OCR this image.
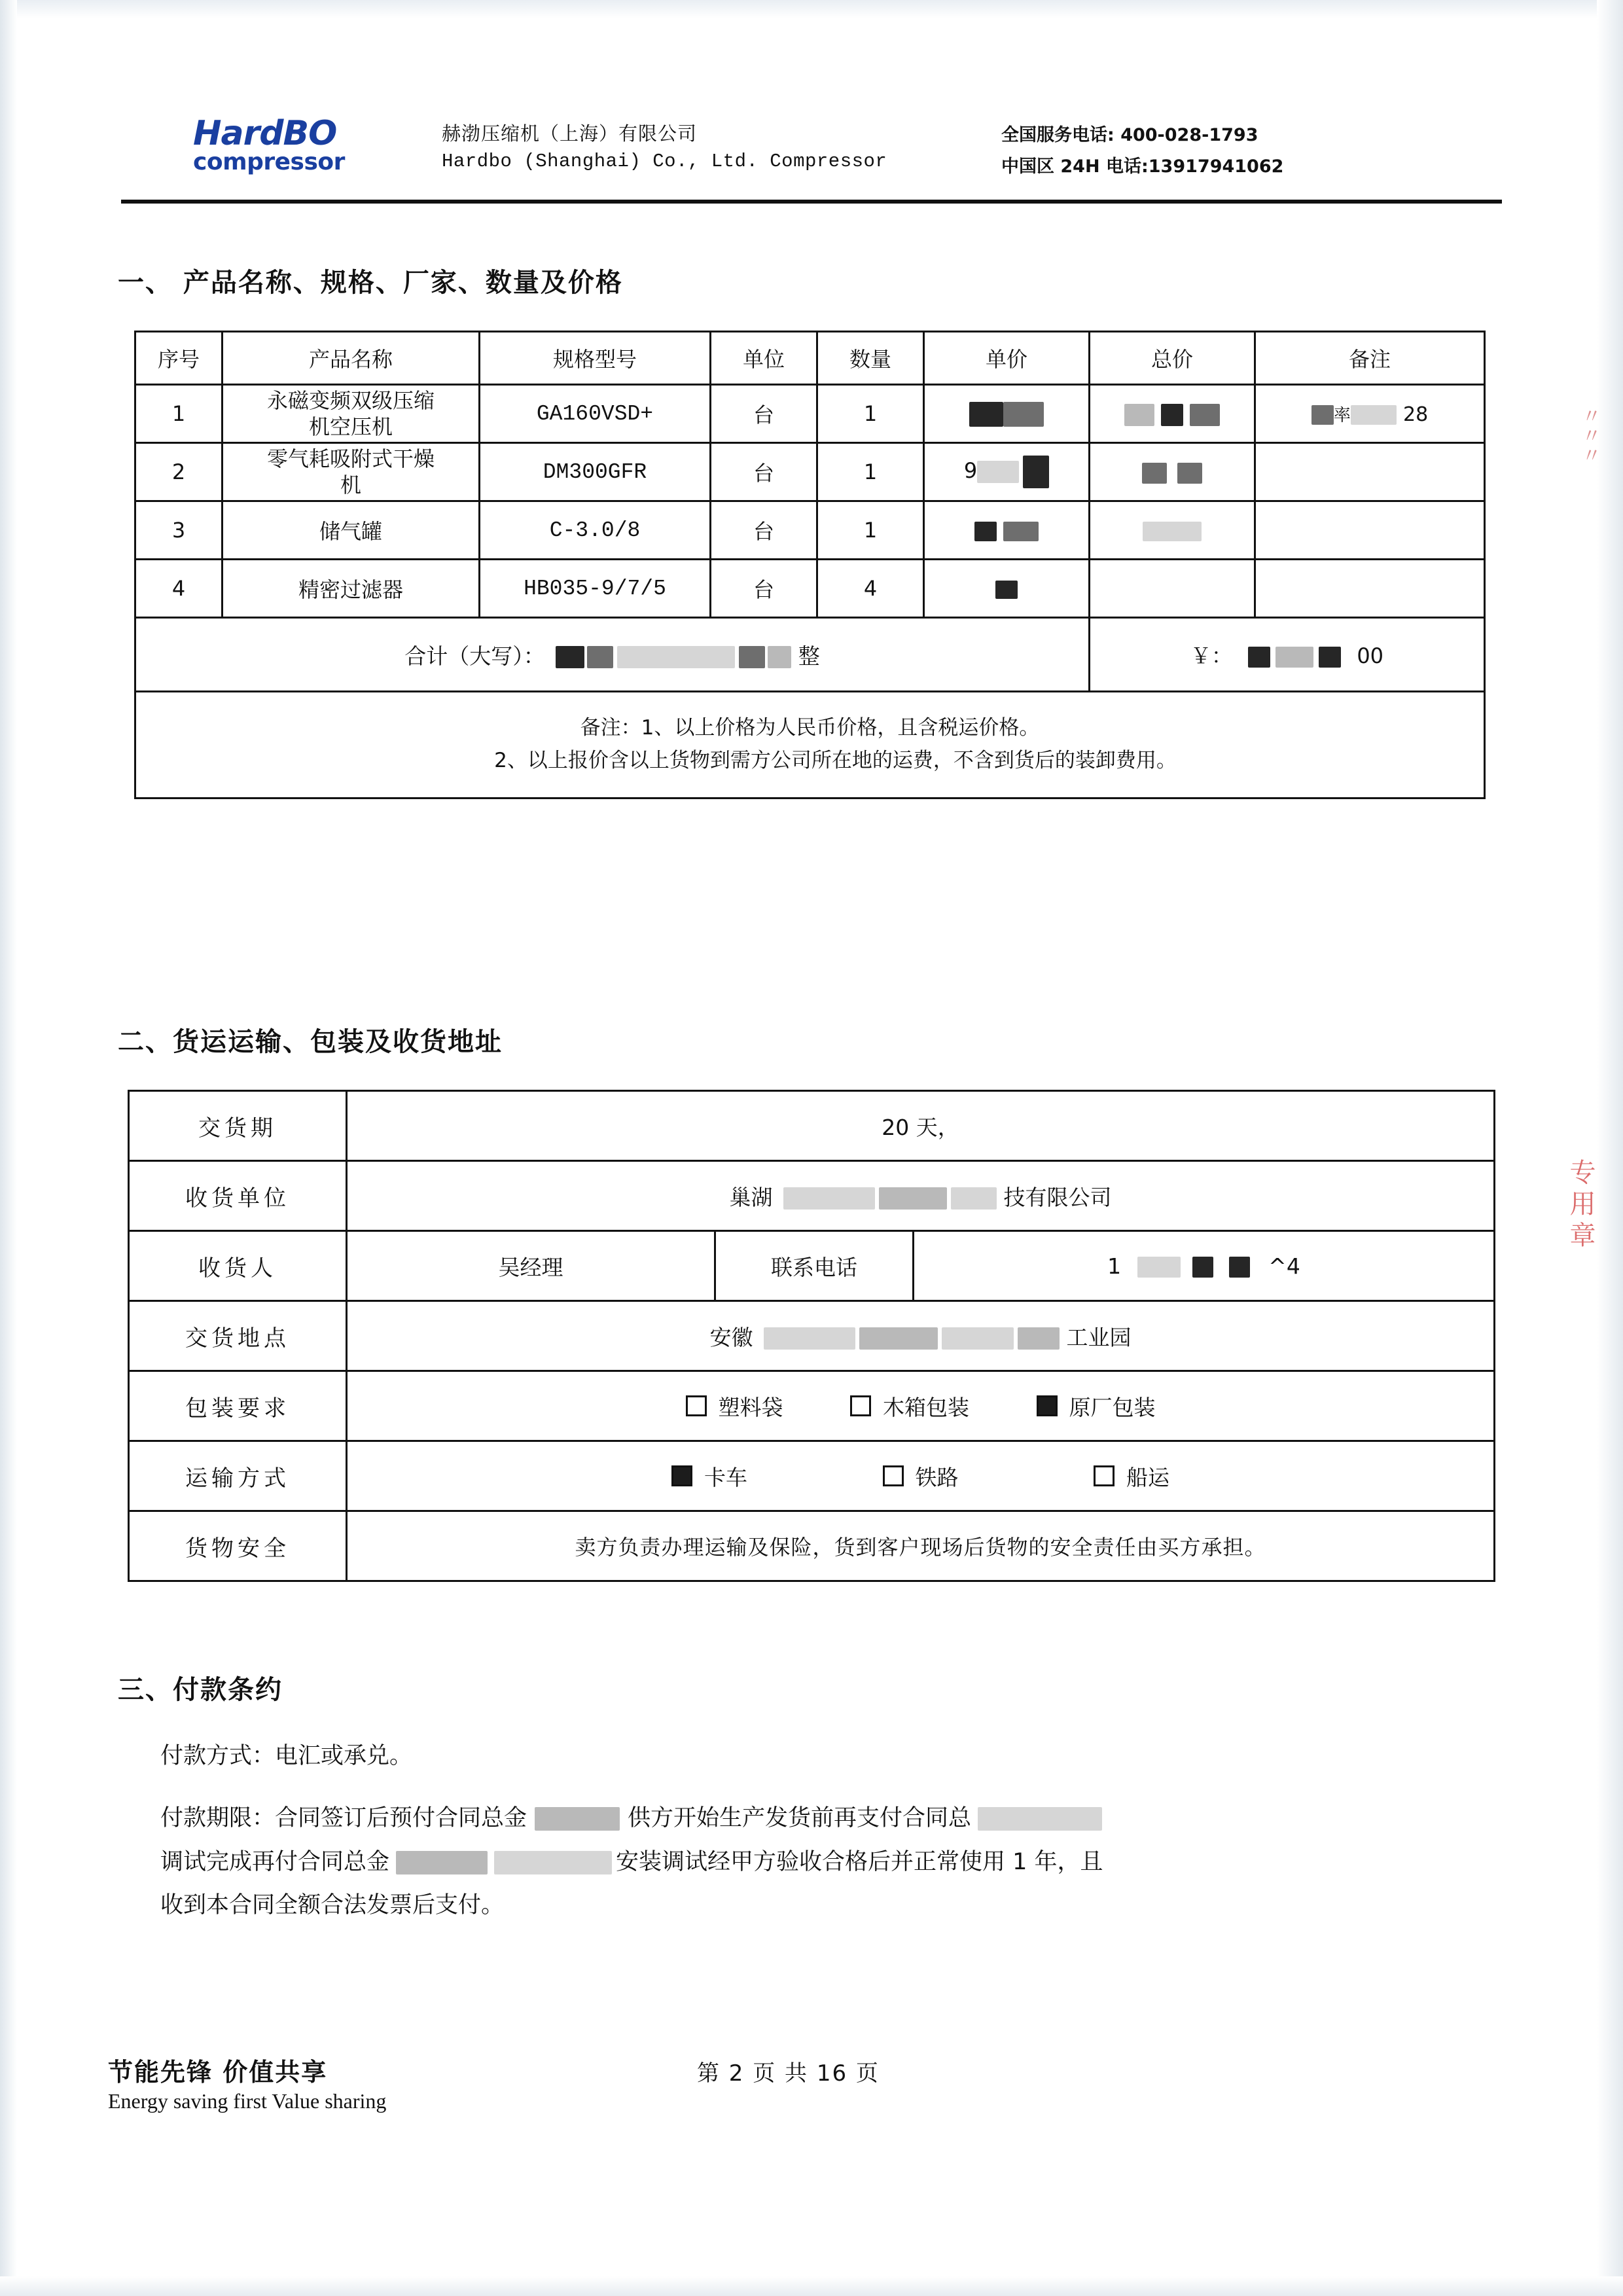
HardBO
compressor
赫渤压缩机（上海）有限公司
Hardbo (Shanghai) Co., Ltd. Compressor
全国服务电话: 400-028-1793
中国区 24H 电话:13917941062
一、 产品名称、规格、厂家、数量及价格
序号	产品名称	规格型号	单位	数量	单价	总价	备注
1	永磁变频双级压缩
机空压机	GA160VSD+	台	1			率 28
2	零气耗吸附式干燥
机	DM300GFR	台	1	9		
3	储气罐	C-3.0/8	台	1			
4	精密过滤器	HB035-9/7/5	台	4			
合计（大写）： 整						￥： 00	

备注：1、以上价格为人民币价格，且含税运价格。
2、以上报价含以上货物到需方公司所在地的运费，不含到货后的装卸费用。							
二、货运运输、包装及收货地址
交货期	20 天，		
收货单位	巢湖 技有限公司		
收货人	吴经理	联系电话	1 ^4
交货地点	安徽 工业园		
包装要求	塑料袋 木箱包装 原厂包装		
运输方式	卡车 铁路 船运		
货物安全	卖方负责办理运输及保险，货到客户现场后货物的安全责任由买方承担。		
三、付款条约
付款方式：电汇或承兑。
付款期限：合同签订后预付合同总金	供方开始生产发货前再支付合同总
调试完成再付合同总金	安装调试经甲方验收合格后并正常使用 1 年，且
收到本合同全额合法发票后支付。
节能先锋 价值共享
Energy saving first Value sharing
第 2 页 共 16 页
专用章
〃〃〃
